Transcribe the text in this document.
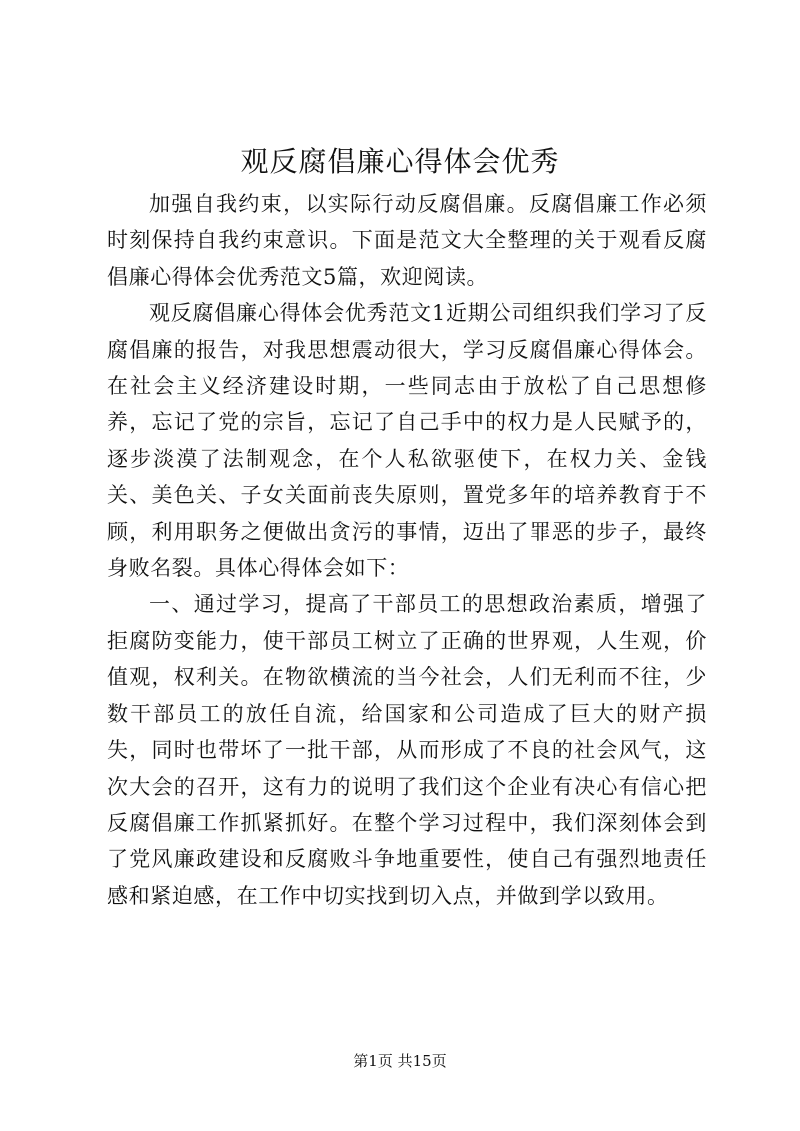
观反腐倡廉心得体会优秀

加强自我约束，以实际行动反腐倡廉。反腐倡廉工作必须时刻保持自我约束意识。下面是范文大全整理的关于观看反腐倡廉心得体会优秀范文5篇，欢迎阅读。

观反腐倡廉心得体会优秀范文1近期公司组织我们学习了反腐倡廉的报告，对我思想震动很大，学习反腐倡廉心得体会。在社会主义经济建设时期，一些同志由于放松了自己思想修养，忘记了党的宗旨，忘记了自己手中的权力是人民赋予的，逐步淡漠了法制观念，在个人私欲驱使下，在权力关、金钱关、美色关、子女关面前丧失原则，置党多年的培养教育于不顾，利用职务之便做出贪污的事情，迈出了罪恶的步子，最终身败名裂。具体心得体会如下：

一、通过学习，提高了干部员工的思想政治素质，增强了拒腐防变能力，使干部员工树立了正确的世界观，人生观，价值观，权利关。在物欲横流的当今社会，人们无利而不往，少数干部员工的放任自流，给国家和公司造成了巨大的财产损失，同时也带坏了一批干部，从而形成了不良的社会风气，这次大会的召开，这有力的说明了我们这个企业有决心有信心把反腐倡廉工作抓紧抓好。在整个学习过程中，我们深刻体会到了党风廉政建设和反腐败斗争地重要性，使自己有强烈地责任感和紧迫感，在工作中切实找到切入点，并做到学以致用。

第1页 共15页
